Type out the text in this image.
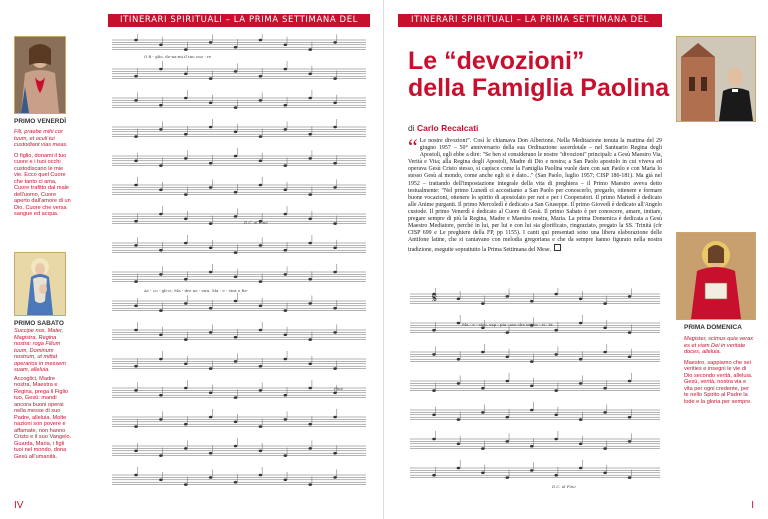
ITINERARI SPIRITUALI – LA PRIMA SETTIMANA DEL MESE
PRIMO VENERDÌ
Fili, praebe mihi cor tuum, et oculi tui custodiant vias meas.
O figlio, donami il tuo cuore e i tuoi occhi custodiscano le mie vie. Ecco quel Cuore che tanto ci ama, Cuore trafitto dal male dell'uomo, Cuore aperto dall'amore di un Dio, Cuore che versa sangue ed acqua.
PRIMO SABATO
Succipe nos, Mater, Magistra, Regina nostra: roga Filium tuum, Dominum nostrum, ut mittat operarios in messem suam, alleluia.
Accoglici, Madre nostra, Maestra e Regina, prega il Figlio tuo, Gesù: mandi ancora buoni operai nella messe di suo Padre, alleluia. Molte nazioni son povere e affamate, non hanno Cristo e il suo Vangelo. Guarda, Maria, i figli tuoi nel mondo, dona Gesù all'umanità.
O fi - glio, do-na-mi il tuo cuo - re
Ac - co - gli-ci, Ma - dre no - stra, Ma - e - stra e Re-
D.C. al Fine
Fine
IV
ITINERARI SPIRITUALI – LA PRIMA SETTIMANA DEL MESE
Le “devozioni”
della Famiglia Paolina
di Carlo Recalcati
“ Le nostre divozioni”. Così le chiamava Don Alberione. Nella Meditazione tenuta la mattina del 29 giugno 1957 – 50° anniversario della sua Ordinazione sacerdotale – nel Santuario Regina degli Apostoli, egli ebbe a dire: "Se ben si considerano le nostre "divozioni" principali: a Gesù Maestro Via, Verità e Vita; alla Regina degli Apostoli, Madre di Dio e nostra; a San Paolo apostolo in cui viveva ed operava Gesù Cristo stesso, si capisce come la Famiglia Paolina vuole dare con san Paolo e con Maria lo stesso Gesù al mondo, come anche egli si è dato..." (San Paolo, luglio 1957; CISP 180-181). Ma già nel 1952 – trattando dell'impostazione integrale della vita di preghiera – il Primo Maestro aveva detto testualmente: "Nel primo Lunedì ci accostiamo a San Paolo per conoscerlo, pregarlo, ottenere e formare buone vocazioni, ottenere lo spirito di apostolato per noi e per i Cooperatori. Il primo Martedì è dedicato alle Anime purganti. Il primo Mercoledì è dedicato a San Giuseppe. Il primo Giovedì è dedicato all'Angelo custode. Il primo Venerdì è dedicato al Cuore di Gesù. Il primo Sabato è per conoscere, amare, imitare, pregare sempre di più la Regina, Madre e Maestra nostra, Maria. La prima Domenica è dedicata a Gesù Maestro Mediatore, perché in lui, per lui e con lui sia glorificato, ringraziato, pregato la SS. Trinità (cfr CISP 699 e Le preghiere della FP, pp 1155). I canti qui presentati sono una libera elaborazione delle Antifone latine, che si cantavano con melodia gregoriana e che da sempre hanno figurato nella nostra tradizione, eseguite soprattutto la Prima Settimana del Mese.
PRIMA DOMENICA
Magister, scimus quia verax es et viam Dei in veritate doces, alleluia.
Maestro, sappiamo che sei verities e insegni le vie di Dio secondo verità, alleluia. Gesù, verità, nostra via e vita per ogni credente, per te nello Spirito al Padre la lode e la gloria per sempre.
𝄋
Ma - e - stro, sap - pia - mo che sei ve - ri - tà
D.C. al Fine
I
